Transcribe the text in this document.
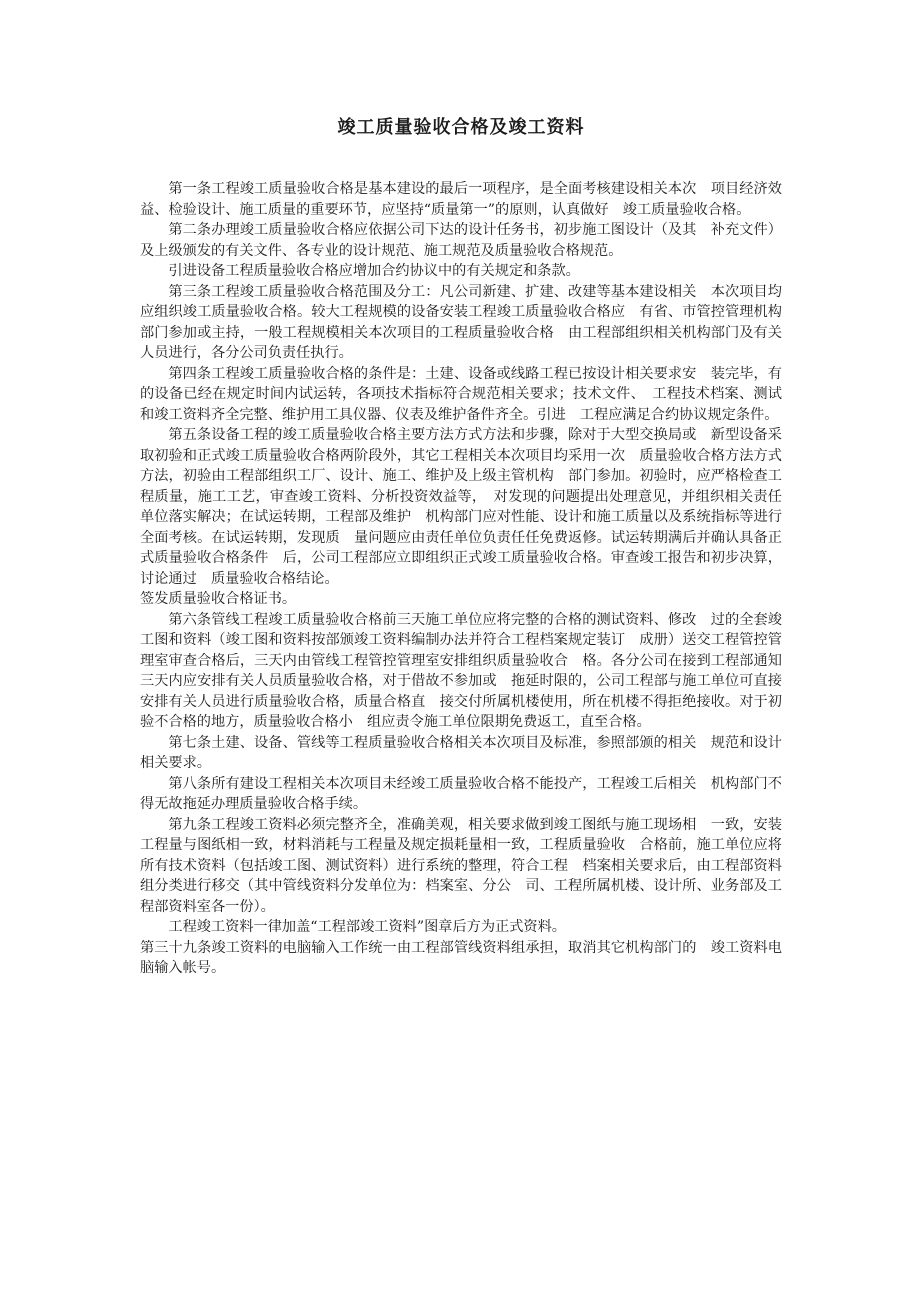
竣工质量验收合格及竣工资料

第一条工程竣工质量验收合格是基本建设的最后一项程序，是全面考核建设相关本次　项目经济效益、检验设计、施工质量的重要环节，应坚持“质量第一”的原则，认真做好　竣工质量验收合格。

第二条办理竣工质量验收合格应依据公司下达的设计任务书，初步施工图设计（及其　补充文件）及上级颁发的有关文件、各专业的设计规范、施工规范及质量验收合格规范。

引进设备工程质量验收合格应增加合约协议中的有关规定和条款。

第三条工程竣工质量验收合格范围及分工：凡公司新建、扩建、改建等基本建设相关　本次项目均应组织竣工质量验收合格。较大工程规模的设备安装工程竣工质量验收合格应　有省、市管控管理机构部门参加或主持，一般工程规模相关本次项目的工程质量验收合格　由工程部组织相关机构部门及有关人员进行，各分公司负责任执行。

第四条工程竣工质量验收合格的条件是：土建、设备或线路工程已按设计相关要求安　装完毕，有的设备已经在规定时间内试运转，各项技术指标符合规范相关要求；技术文件、　工程技术档案、测试和竣工资料齐全完整、维护用工具仪器、仪表及维护备件齐全。引进　工程应满足合约协议规定条件。

第五条设备工程的竣工质量验收合格主要方法方式方法和步骤，除对于大型交换局或　新型设备采取初验和正式竣工质量验收合格两阶段外，其它工程相关本次项目均采用一次　质量验收合格方法方式方法，初验由工程部组织工厂、设计、施工、维护及上级主管机构　部门参加。初验时，应严格检查工程质量，施工工艺，审查竣工资料、分析投资效益等，　对发现的问题提出处理意见，并组织相关责任单位落实解决；在试运转期，工程部及维护　机构部门应对性能、设计和施工质量以及系统指标等进行全面考核。在试运转期，发现质　量问题应由责任单位负责任任免费返修。试运转期满后并确认具备正式质量验收合格条件　后，公司工程部应立即组织正式竣工质量验收合格。审查竣工报告和初步决算，讨论通过　质量验收合格结论。

签发质量验收合格证书。

第六条管线工程竣工质量验收合格前三天施工单位应将完整的合格的测试资料、修改　过的全套竣工图和资料（竣工图和资料按部颁竣工资料编制办法并符合工程档案规定装订　成册）送交工程管控管理室审查合格后，三天内由管线工程管控管理室安排组织质量验收合　格。各分公司在接到工程部通知三天内应安排有关人员质量验收合格，对于借故不参加或　拖延时限的，公司工程部与施工单位可直接安排有关人员进行质量验收合格，质量合格直　接交付所属机楼使用，所在机楼不得拒绝接收。对于初验不合格的地方，质量验收合格小　组应责令施工单位限期免费返工，直至合格。

第七条土建、设备、管线等工程质量验收合格相关本次项目及标准，参照部颁的相关　规范和设计相关要求。

第八条所有建设工程相关本次项目未经竣工质量验收合格不能投产，工程竣工后相关　机构部门不得无故拖延办理质量验收合格手续。

第九条工程竣工资料必须完整齐全，准确美观，相关要求做到竣工图纸与施工现场相　一致，安装工程量与图纸相一致，材料消耗与工程量及规定损耗量相一致，工程质量验收　合格前，施工单位应将所有技术资料（包括竣工图、测试资料）进行系统的整理，符合工程　档案相关要求后，由工程部资料组分类进行移交（其中管线资料分发单位为：档案室、分公　司、工程所属机楼、设计所、业务部及工程部资料室各一份）。

工程竣工资料一律加盖“工程部竣工资料”图章后方为正式资料。

第三十九条竣工资料的电脑输入工作统一由工程部管线资料组承担，取消其它机构部门的　竣工资料电脑输入帐号。
